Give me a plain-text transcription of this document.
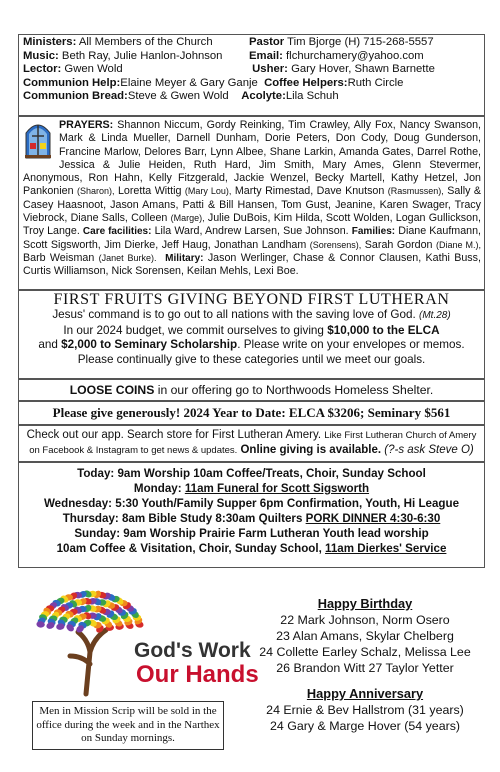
Ministers: All Members of the Church	Pastor Tim Bjorge (H) 715-268-5557
Music: Beth Ray, Julie Hanlon-Johnson	Email: flchurchamery@yahoo.com
Lector: Gwen Wold	Usher: Gary Hover, Shawn Barnette
Communion Help: Elaine Meyer & Gary Ganje
Coffee Helpers: Ruth Circle
Communion Bread: Steve & Gwen Wold
Acolyte: Lila Schuh
PRAYERS: Shannon Niccum, Gordy Reinking, Tim Crawley, Ally Fox, Nancy Swanson, Mark & Linda Mueller, Darnell Dunham, Dorie Peters, Don Cody, Doug Gunderson, Francine Marlow, Delores Barr, Lynn Albee, Shane Larkin, Amanda Gates, Darrel Rothe, Jessica & Julie Heiden, Ruth Hard, Jim Smith, Mary Ames, Glenn Stevermer, Anonymous, Ron Hahn, Kelly Fitzgerald, Jackie Wenzel, Becky Martell, Kathy Hetzel, Jon Pankonien (Sharon), Loretta Wittig (Mary Lou), Marty Rimestad, Dave Knutson (Rasmussen), Sally & Casey Haasnoot, Jason Amans, Patti & Bill Hansen, Tom Gust, Jeanine, Karen Swager, Tracy Viebrock, Diane Salls, Colleen (Marge), Julie DuBois, Kim Hilda, Scott Wolden, Logan Gullickson, Troy Lange. Care facilities: Lila Ward, Andrew Larsen, Sue Johnson. Families: Diane Kaufmann, Scott Sigsworth, Jim Dierke, Jeff Haug, Jonathan Landham (Sorensens), Sarah Gordon (Diane M.), Barb Weisman (Janet Burke). Military: Jason Werlinger, Chase & Connor Clausen, Kathi Buss, Curtis Williamson, Nick Sorensen, Keilan Mehls, Lexi Boe.
FIRST FRUITS GIVING BEYOND FIRST LUTHERAN
Jesus' command is to go out to all nations with the saving love of God. (Mt.28)
In our 2024 budget, we commit ourselves to giving $10,000 to the ELCA
and $2,000 to Seminary Scholarship. Please write on your envelopes or memos.
Please continually give to these categories until we meet our goals.
LOOSE COINS in our offering go to Northwoods Homeless Shelter.
Please give generously! 2024 Year to Date: ELCA $3206; Seminary $561
Check out our app. Search store for First Lutheran Amery. Like First Lutheran Church of Amery
on Facebook & Instagram to get news & updates. Online giving is available. (?-s ask Steve O)
Today: 9am Worship 10am Coffee/Treats, Choir, Sunday School
Monday: 11am Funeral for Scott Sigsworth
Wednesday: 5:30 Youth/Family Supper 6pm Confirmation, Youth, Hi League
Thursday: 8am Bible Study 8:30am Quilters PORK DINNER 4:30-6:30
Sunday: 9am Worship Prairie Farm Lutheran Youth lead worship
10am Coffee & Visitation, Choir, Sunday School, 11am Dierkes' Service
God's Work
Our Hands
Men in Mission Scrip will be sold in the office during the week and in the Narthex on Sunday mornings.
Happy Birthday
22 Mark Johnson, Norm Osero
23 Alan Amans, Skylar Chelberg
24 Collette Earley Schalz, Melissa Lee
26 Brandon Witt 27 Taylor Yetter
Happy Anniversary
24 Ernie & Bev Hallstrom (31 years)
24 Gary & Marge Hover (54 years)
